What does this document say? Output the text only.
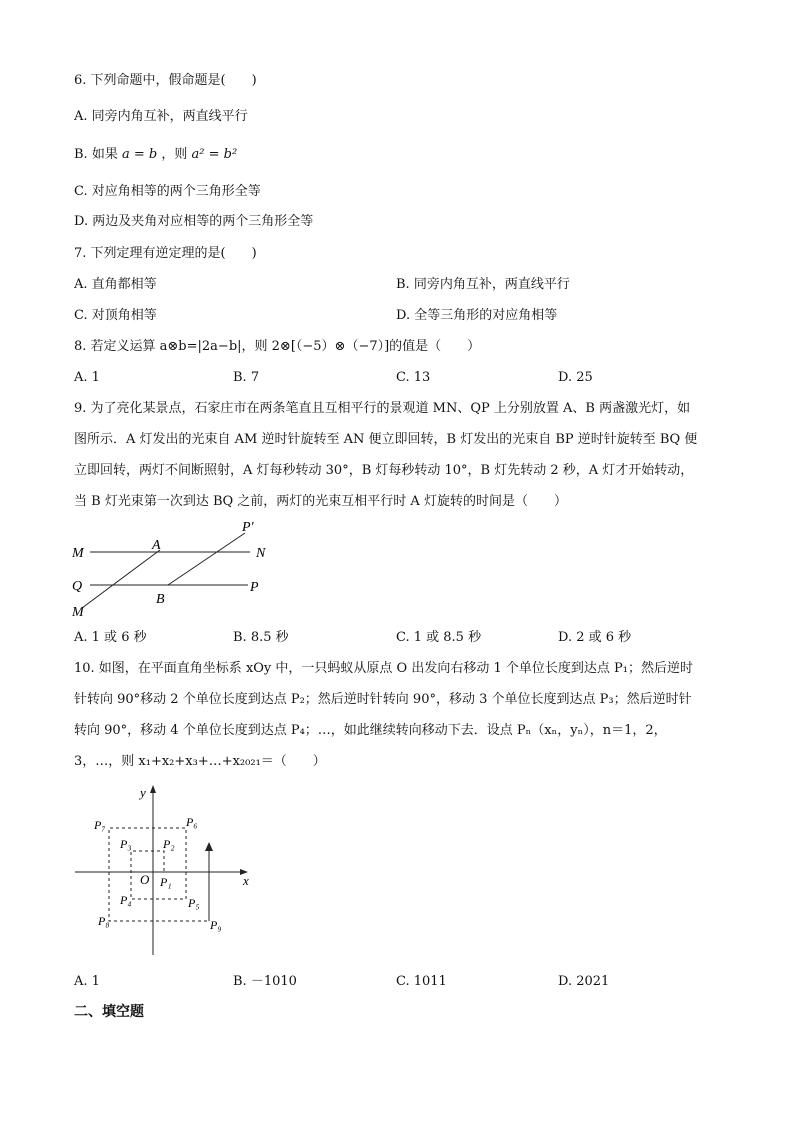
6. 下列命题中，假命题是(　　)
A. 同旁内角互补，两直线平行
B. 如果 a = b ，则 a² = b²
C. 对应角相等的两个三角形全等
D. 两边及夹角对应相等的两个三角形全等
7. 下列定理有逆定理的是(　　)
A. 直角都相等	B. 同旁内角互补，两直线平行
C. 对顶角相等	D. 全等三角形的对应角相等
8. 若定义运算 a⊗b=|2a−b|，则 2⊗[（−5）⊗（−7）]的值是（　　）
A. 1	B. 7	C. 13	D. 25
9. 为了亮化某景点，石家庄市在两条笔直且互相平行的景观道 MN、QP 上分别放置 A、B 两盏激光灯，如
图所示．A 灯发出的光束自 AM 逆时针旋转至 AN 便立即回转，B 灯发出的光束自 BP 逆时针旋转至 BQ 便
立即回转，两灯不间断照射，A 灯每秒转动 30°，B 灯每秒转动 10°，B 灯先转动 2 秒，A 灯才开始转动，
当 B 灯光束第一次到达 BQ 之前，两灯的光束互相平行时 A 灯旋转的时间是（　　）
M	N
A
P′
Q	P
B
M
A. 1 或 6 秒	B. 8.5 秒	C. 1 或 8.5 秒	D. 2 或 6 秒
10. 如图，在平面直角坐标系 xOy 中，一只蚂蚁从原点 O 出发向右移动 1 个单位长度到达点 P₁；然后逆时
针转向 90°移动 2 个单位长度到达点 P₂；然后逆时针转向 90°，移动 3 个单位长度到达点 P₃；然后逆时针
转向 90°，移动 4 个单位长度到达点 P₄；…，如此继续转向移动下去．设点 Pₙ（xₙ，yₙ），n＝1，2，
3，…，则 x₁+x₂+x₃+…+x₂₀₂₁＝（　　）
x
y
O P₁
P₂
P₃
P₄	P₅
P₆
P₇
P₈	P₉
A. 1	B. －1010	C. 1011	D. 2021
二、填空题
